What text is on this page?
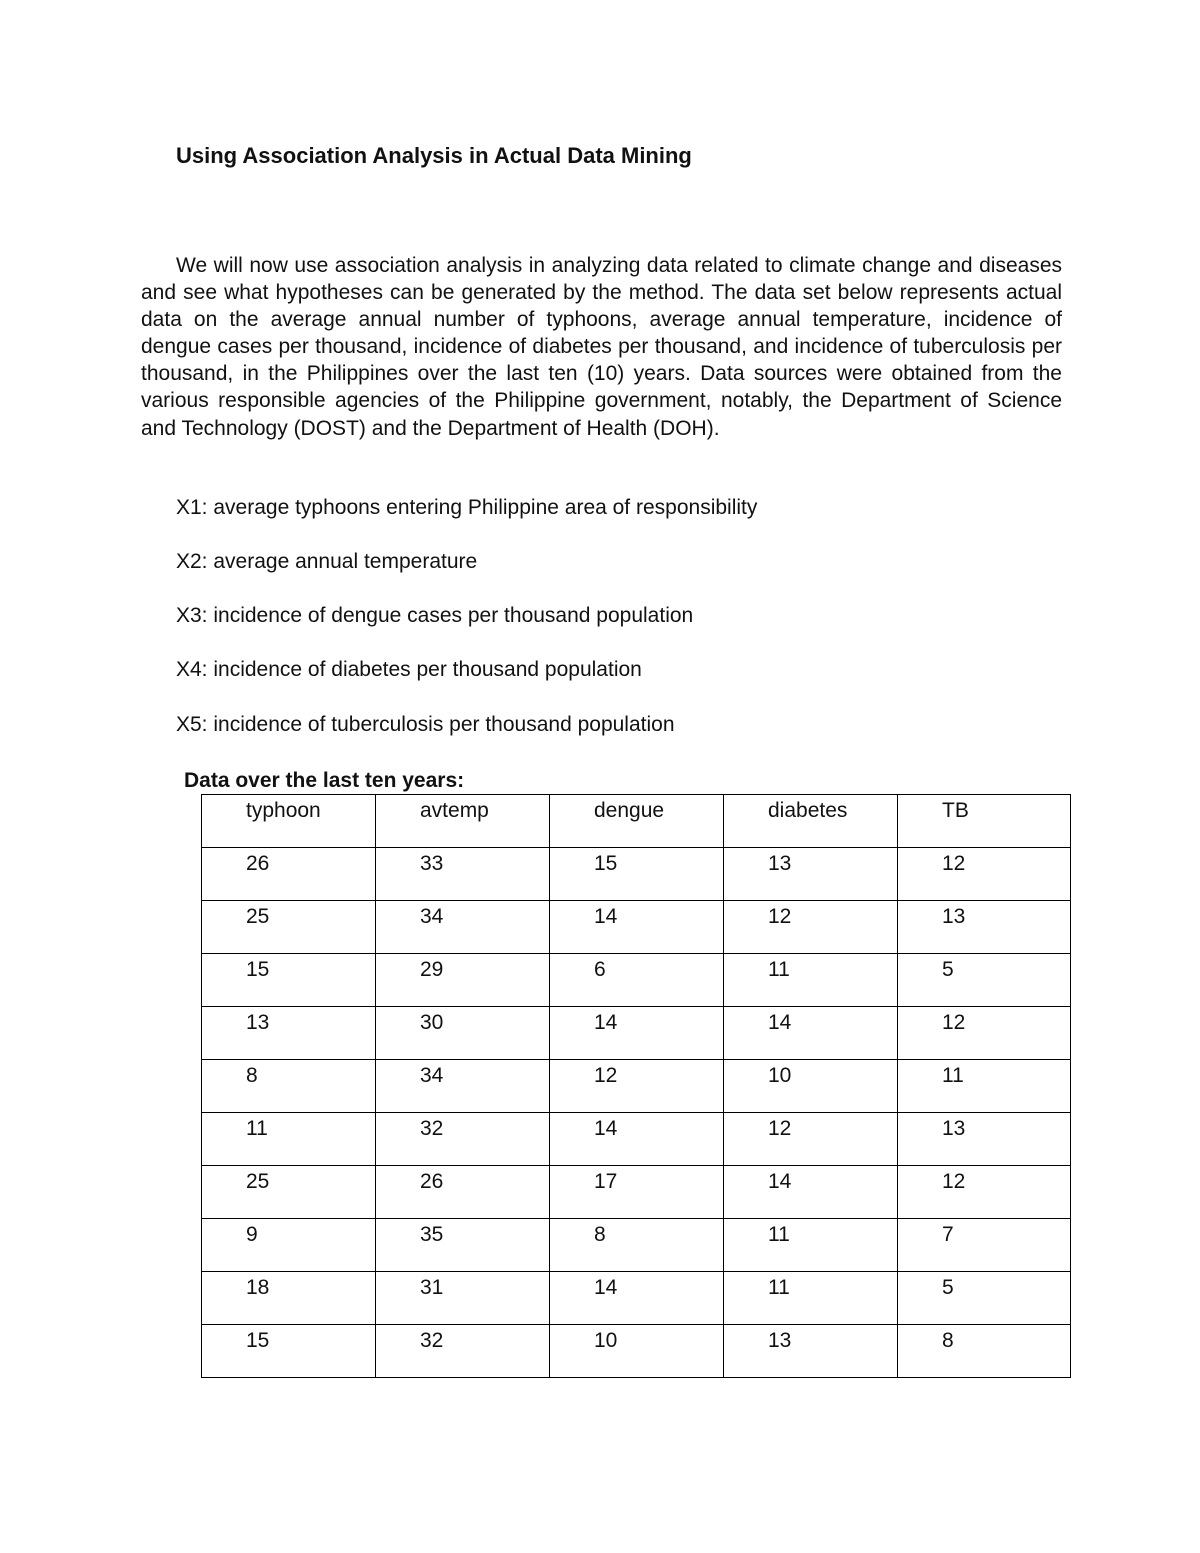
Using Association Analysis in Actual Data Mining

We will now use association analysis in analyzing data related to climate change and diseases and see what hypotheses can be generated by the method. The data set below represents actual data on the average annual number of typhoons, average annual temperature, incidence of dengue cases per thousand, incidence of diabetes per thousand, and incidence of tuberculosis per thousand, in the Philippines over the last ten (10) years. Data sources were obtained from the various responsible agencies of the Philippine government, notably, the Department of Science and Technology (DOST) and the Department of Health (DOH).

X1: average typhoons entering Philippine area of responsibility

X2: average annual temperature

X3: incidence of dengue cases per thousand population

X4: incidence of diabetes per thousand population

X5: incidence of tuberculosis per thousand population

Data over the last ten years:

typhoon	avtemp	dengue	diabetes	TB

26	33	15	13	12

25	34	14	12	13

15	29	6	11	5

13	30	14	14	12

8	34	12	10	11

11	32	14	12	13

25	26	17	14	12

9	35	8	11	7

18	31	14	11	5

15	32	10	13	8
